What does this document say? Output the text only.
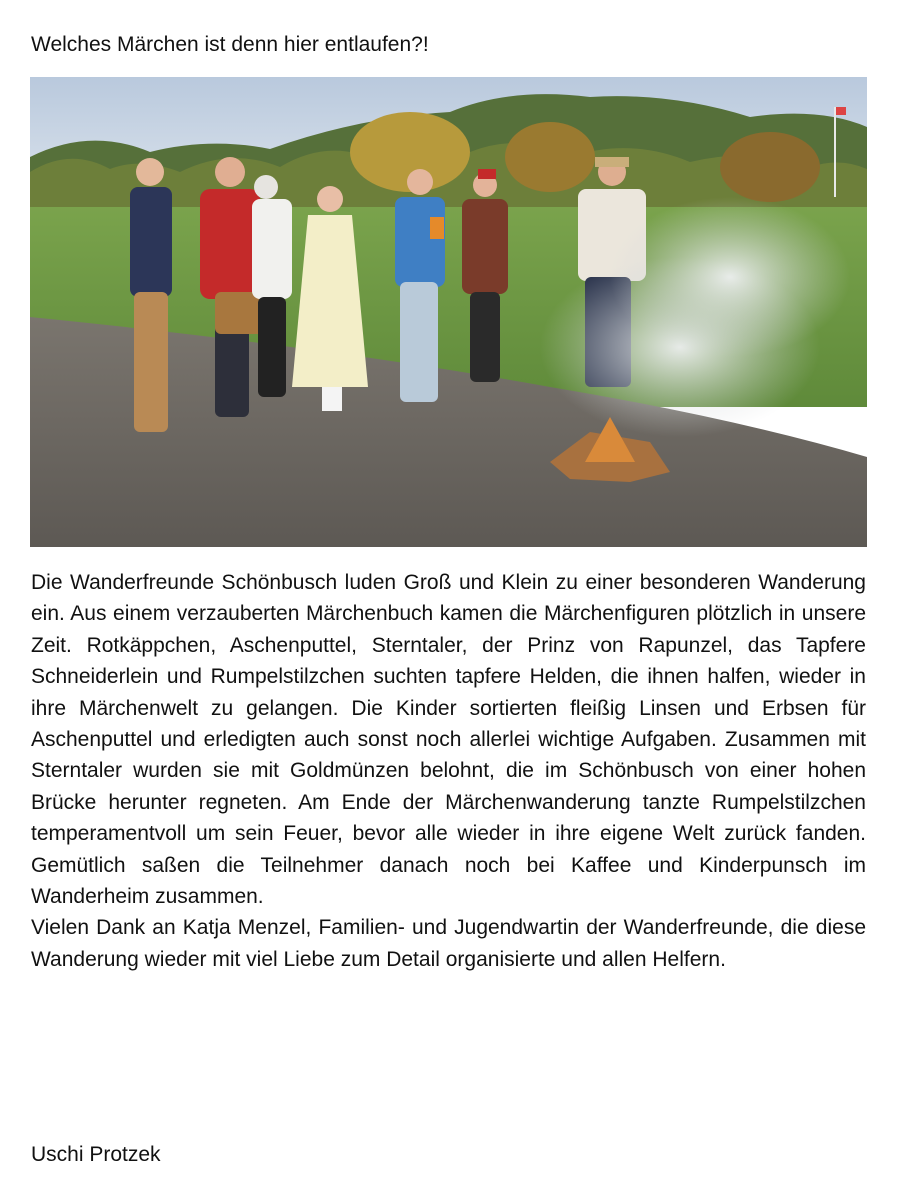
Welches Märchen ist denn hier entlaufen?!

Die Wanderfreunde Schönbusch luden Groß und Klein zu einer besonderen Wanderung ein. Aus einem verzauberten Märchenbuch kamen die Märchenfiguren plötzlich in unsere Zeit. Rotkäppchen, Aschenputtel, Sterntaler, der Prinz von Rapunzel, das Tapfere Schneiderlein und Rumpelstilzchen suchten tapfere Helden, die ihnen halfen, wieder in ihre Märchenwelt zu gelangen. Die Kinder sortierten fleißig Linsen und Erbsen für Aschenputtel und erledigten auch sonst noch allerlei wichtige Aufgaben. Zusammen mit Sterntaler wurden sie mit Goldmünzen belohnt, die im Schönbusch von einer hohen Brücke herunter regneten. Am Ende der Märchenwanderung tanzte Rumpelstilzchen temperamentvoll um sein Feuer, bevor alle wieder in ihre eigene Welt zurück fanden. Gemütlich saßen die Teilnehmer danach noch bei Kaffee und Kinderpunsch im Wanderheim zusammen.

Vielen Dank an Katja Menzel, Familien- und Jugendwartin der Wanderfreunde, die diese Wanderung wieder mit viel Liebe zum Detail organisierte und allen Helfern.

Uschi Protzek
